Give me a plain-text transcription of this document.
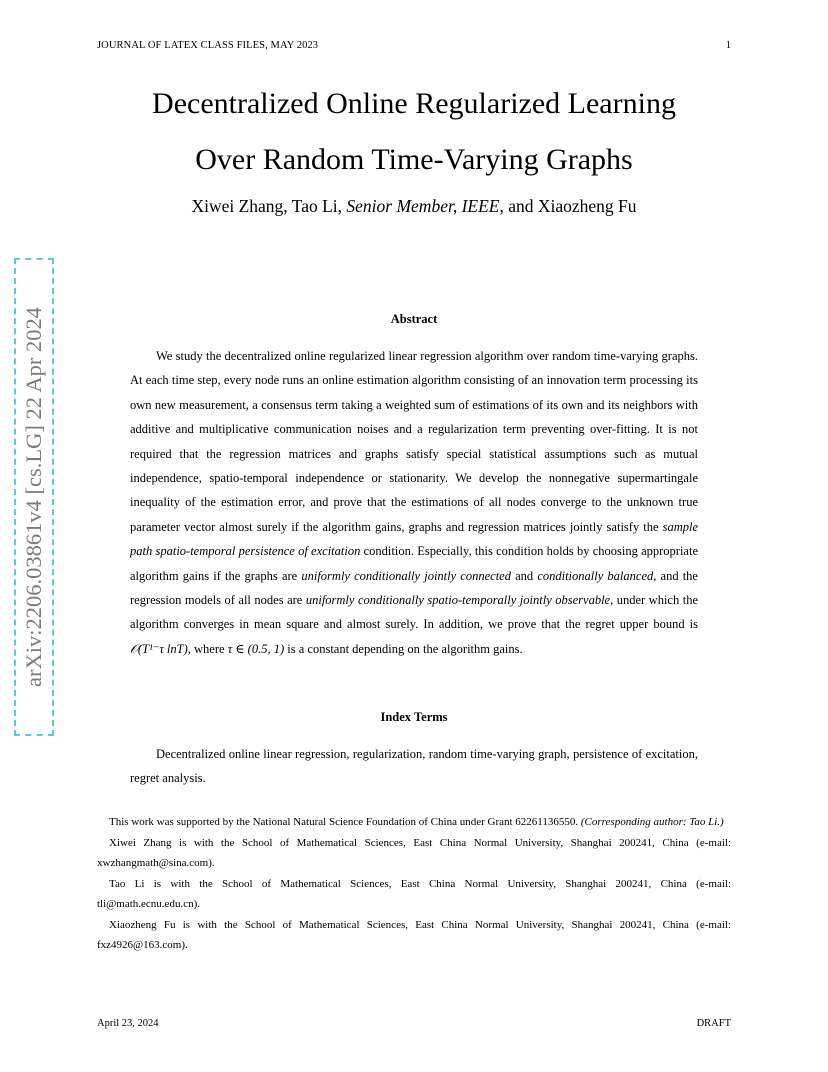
JOURNAL OF LATEX CLASS FILES, MAY 2023	1
Decentralized Online Regularized Learning
Over Random Time-Varying Graphs
Xiwei Zhang, Tao Li, Senior Member, IEEE, and Xiaozheng Fu
arXiv:2206.03861v4 [cs.LG] 22 Apr 2024	Abstract

We study the decentralized online regularized linear regression algorithm over random time-varying graphs. At each time step, every node runs an online estimation algorithm consisting of an innovation term processing its own new measurement, a consensus term taking a weighted sum of estimations of its own and its neighbors with additive and multiplicative communication noises and a regularization term preventing over-fitting. It is not required that the regression matrices and graphs satisfy special statistical assumptions such as mutual independence, spatio-temporal independence or stationarity. We develop the nonnegative supermartingale inequality of the estimation error, and prove that the estimations of all nodes converge to the unknown true parameter vector almost surely if the algorithm gains, graphs and regression matrices jointly satisfy the sample path spatio-temporal persistence of excitation condition. Especially, this condition holds by choosing appropriate algorithm gains if the graphs are uniformly conditionally jointly connected and conditionally balanced, and the regression models of all nodes are uniformly conditionally spatio-temporally jointly observable, under which the algorithm converges in mean square and almost surely. In addition, we prove that the regret upper bound is 𝒪(T¹⁻τ lnT), where τ ∈ (0.5, 1) is a constant depending on the algorithm gains.

Index Terms

Decentralized online linear regression, regularization, random time-varying graph, persistence of excitation, regret analysis.

This work was supported by the National Natural Science Foundation of China under Grant 62261136550. (Corresponding author: Tao Li.)

Xiwei Zhang is with the School of Mathematical Sciences, East China Normal University, Shanghai 200241, China (e-mail: xwzhangmath@sina.com).

Tao Li is with the School of Mathematical Sciences, East China Normal University, Shanghai 200241, China (e-mail: tli@math.ecnu.edu.cn).

Xiaozheng Fu is with the School of Mathematical Sciences, East China Normal University, Shanghai 200241, China (e-mail: fxz4926@163.com).

April 23, 2024	DRAFT
